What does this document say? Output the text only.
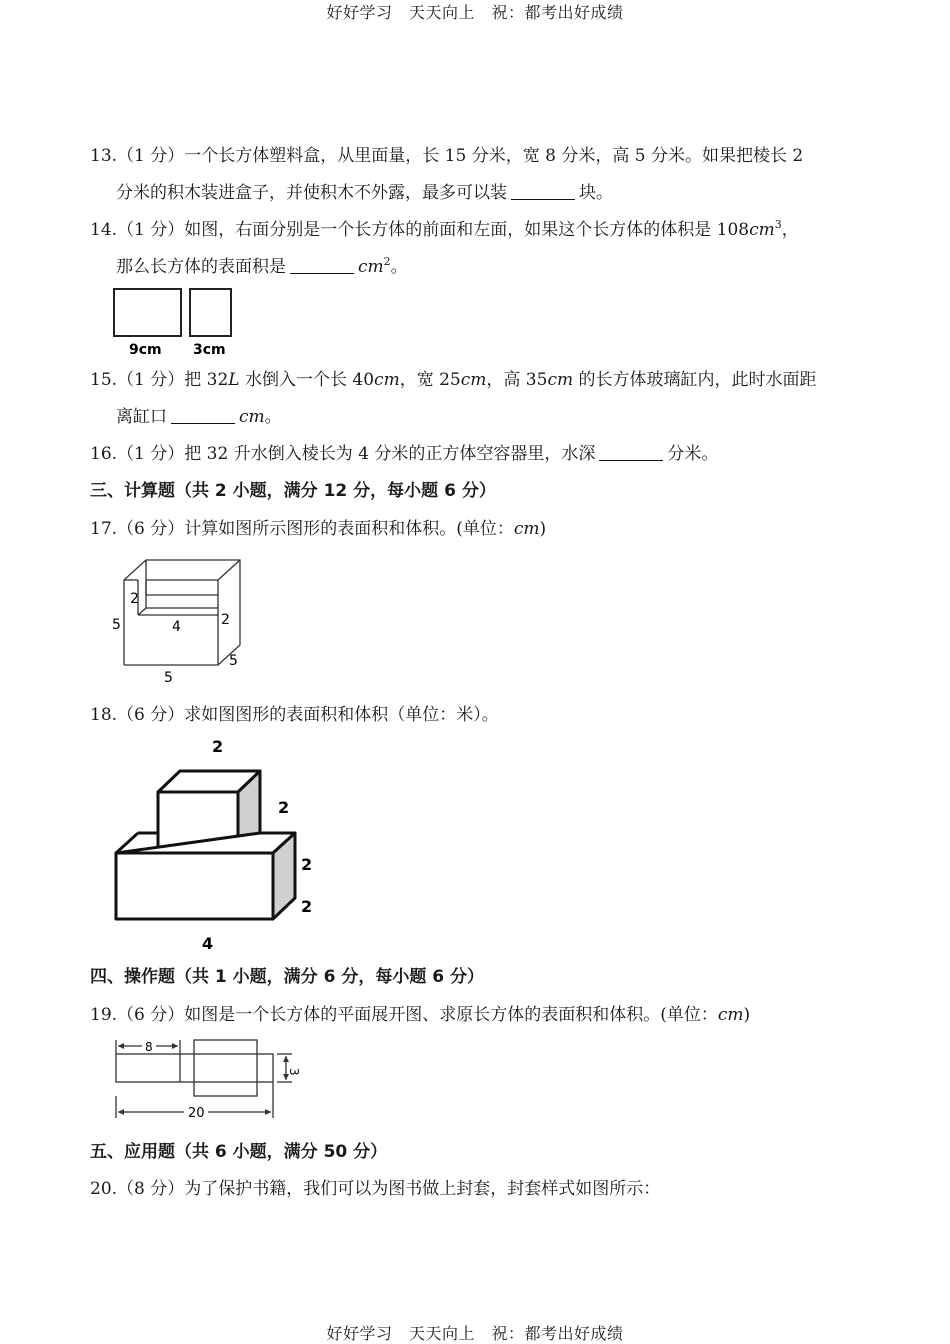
好好学习　天天向上　祝：都考出好成绩
13.（1 分）一个长方体塑料盒，从里面量，长 15 分米，宽 8 分米，高 5 分米。如果把棱长 2
分米的积木装进盒子，并使积木不外露，最多可以装	块。
14.（1 分）如图，右面分别是一个长方体的前面和左面，如果这个长方体的体积是 $108cm^3$，
那么长方体的表面积是	$cm^2$。
9cm 3cm
15.（1 分）把 32L 水倒入一个长 40cm，宽 25cm，高 35cm 的长方体玻璃缸内，此时水面距
离缸口	cm。
16.（1 分）把 32 升水倒入棱长为 4 分米的正方体空容器里，水深	分米。
三、计算题（共 2 小题，满分 12 分，每小题 6 分）
17.（6 分）计算如图所示图形的表面积和体积。(单位：cm)
2
5	4	2
5
5
18.（6 分）求如图图形的表面积和体积（单位：米）。
2
2
2
2
4
四、操作题（共 1 小题，满分 6 分，每小题 6 分）
19.（6 分）如图是一个长方体的平面展开图、求原长方体的表面积和体积。(单位：cm)
8
3
20
五、应用题（共 6 小题，满分 50 分）
20.（8 分）为了保护书籍，我们可以为图书做上封套，封套样式如图所示：
好好学习　天天向上　祝：都考出好成绩
